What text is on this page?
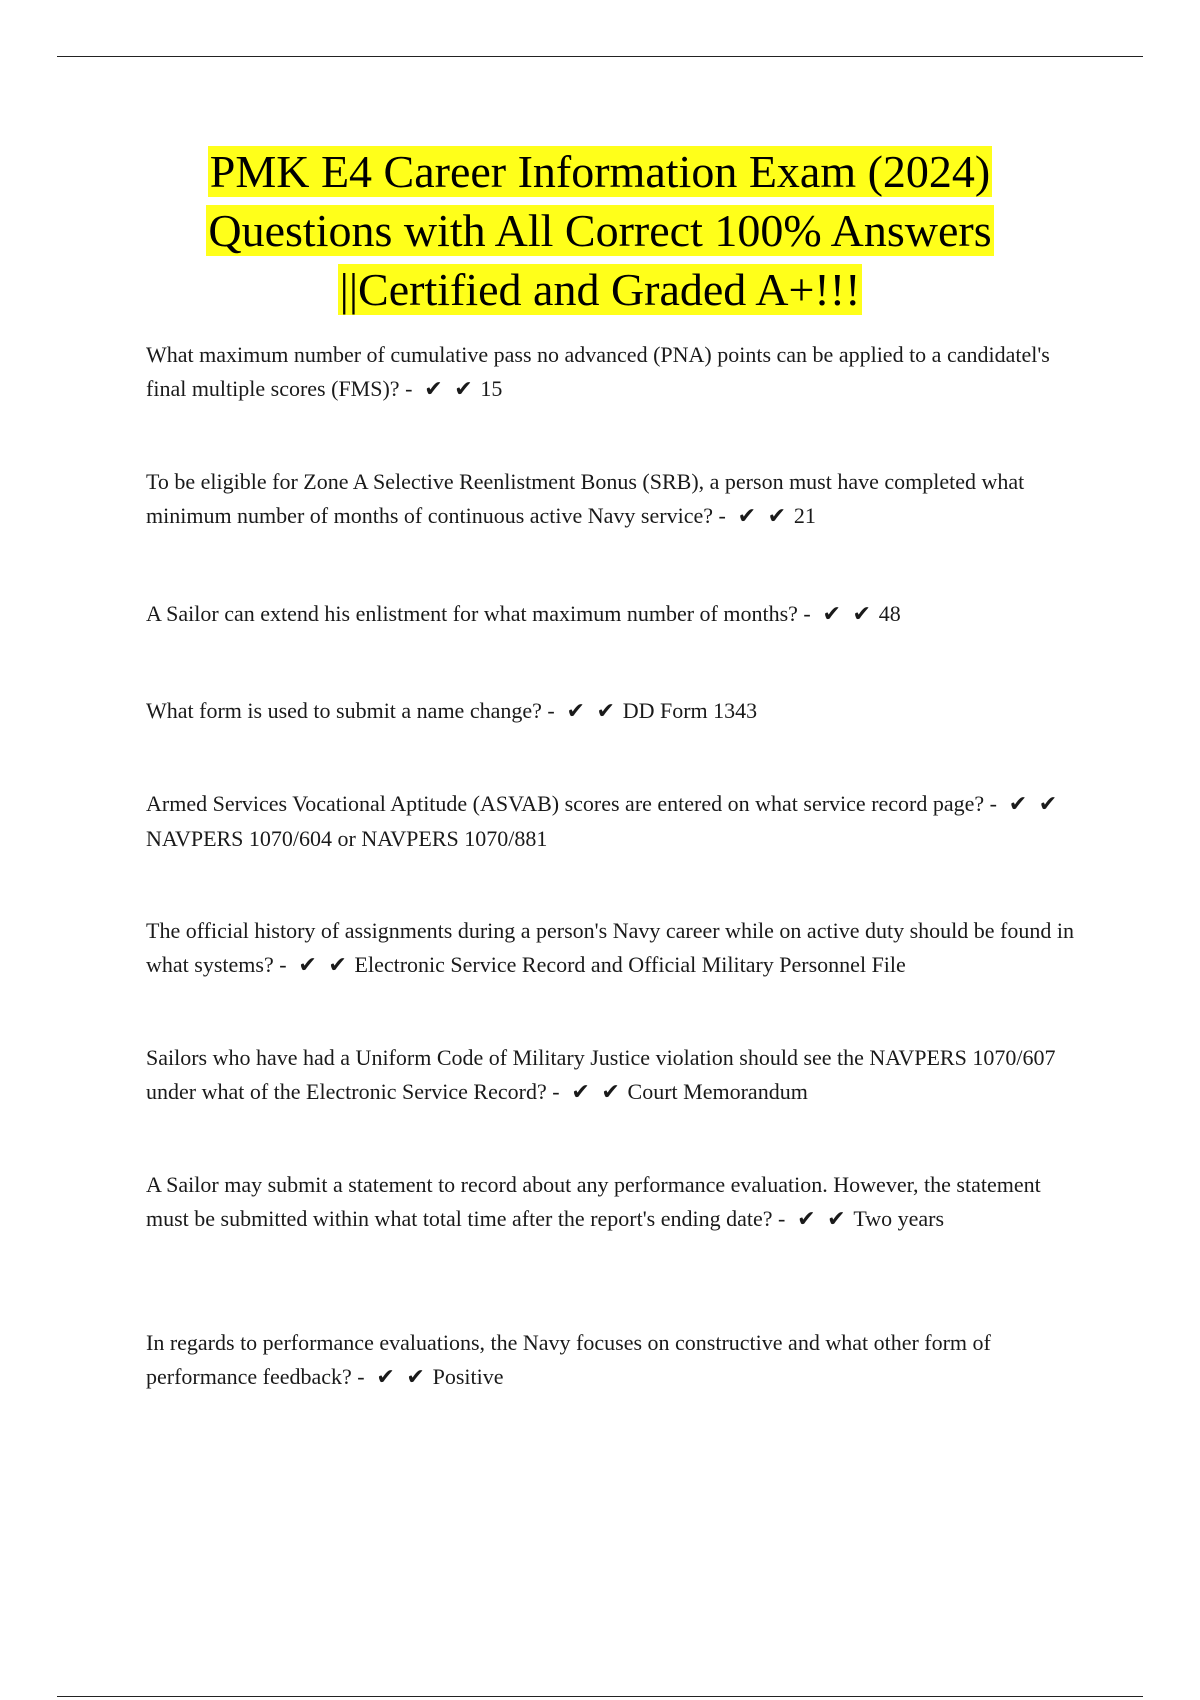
PMK E4 Career Information Exam (2024)
Questions with All Correct 100% Answers
||Certified and Graded A+!!!
What maximum number of cumulative pass no advanced (PNA) points can be applied to a candidatel's final multiple scores (FMS)? - ✔ ✔ 15
To be eligible for Zone A Selective Reenlistment Bonus (SRB), a person must have completed what minimum number of months of continuous active Navy service? - ✔ ✔ 21
A Sailor can extend his enlistment for what maximum number of months? - ✔ ✔ 48
What form is used to submit a name change? - ✔ ✔ DD Form 1343
Armed Services Vocational Aptitude (ASVAB) scores are entered on what service record page? - ✔ ✔NAVPERS 1070/604 or NAVPERS 1070/881
The official history of assignments during a person's Navy career while on active duty should be found in what systems? - ✔ ✔ Electronic Service Record and Official Military Personnel File
Sailors who have had a Uniform Code of Military Justice violation should see the NAVPERS 1070/607 under what of the Electronic Service Record? - ✔ ✔ Court Memorandum
A Sailor may submit a statement to record about any performance evaluation. However, the statement must be submitted within what total time after the report's ending date? - ✔ ✔ Two years
In regards to performance evaluations, the Navy focuses on constructive and what other form of performance feedback? - ✔ ✔ Positive
